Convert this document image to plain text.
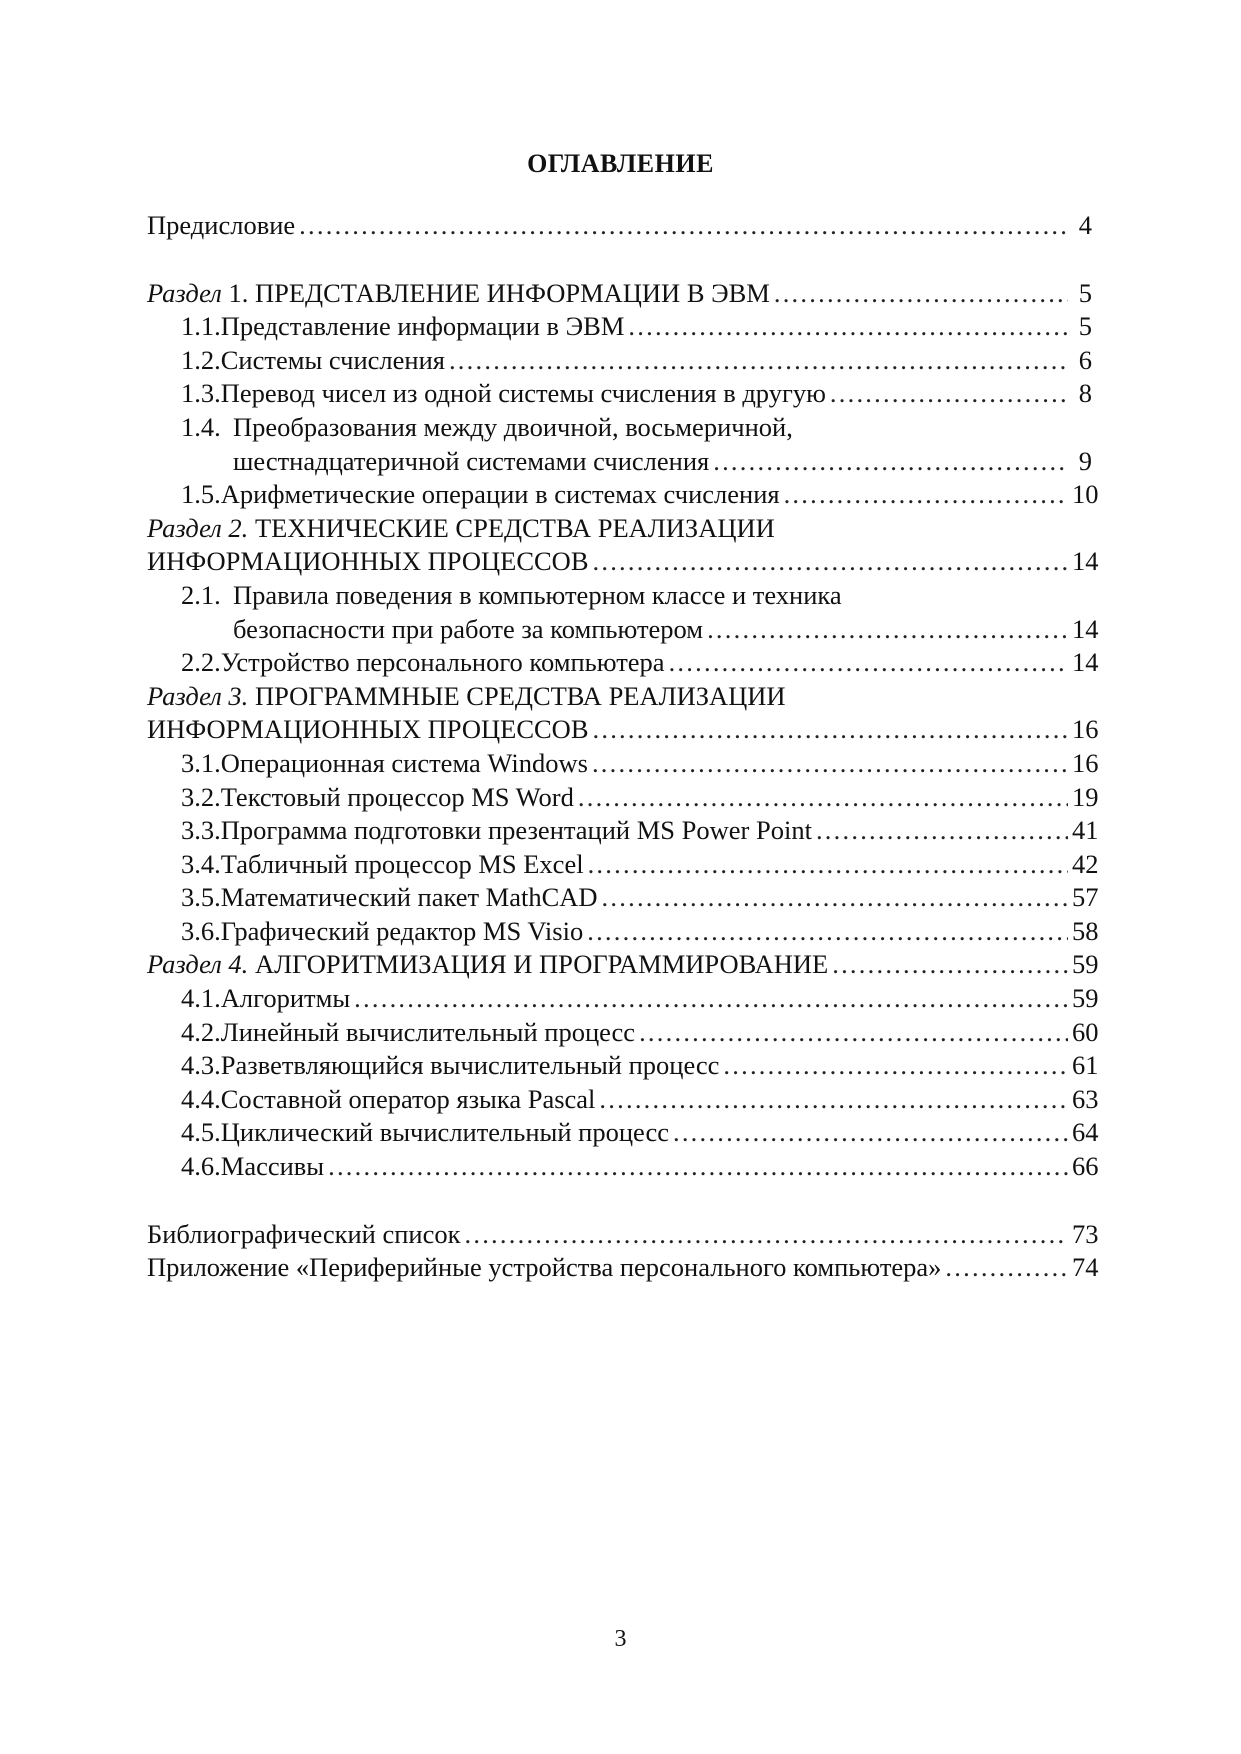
ОГЛАВЛЕНИЕ
Предисловие . . .	4
Раздел 1. ПРЕДСТАВЛЕНИЕ ИНФОРМАЦИИ В ЭВМ . . .	5
1.1. Представление информации в ЭВМ . . .	5
1.2. Системы счисления . . .	6
1.3. Перевод чисел из одной системы счисления в другую . . .	8
1.4. Преобразования между двоичной, восьмеричной,
шестнадцатеричной системами счисления . . .	9
1.5. Арифметические операции в системах счисления . . .	10
Раздел 2. ТЕХНИЧЕСКИЕ СРЕДСТВА РЕАЛИЗАЦИИ
ИНФОРМАЦИОННЫХ ПРОЦЕССОВ . . .	14
2.1. Правила поведения в компьютерном классе и техника
безопасности при работе за компьютером . . .	14
2.2. Устройство персонального компьютера . . .	14
Раздел 3. ПРОГРАММНЫЕ СРЕДСТВА РЕАЛИЗАЦИИ
ИНФОРМАЦИОННЫХ ПРОЦЕССОВ . . .	16
3.1. Операционная система Windows . . .	16
3.2. Текстовый процессор MS Word . . .	19
3.3. Программа подготовки презентаций MS Power Point . . .	41
3.4. Табличный процессор MS Excel . . .	42
3.5. Математический пакет MathCAD . . .	57
3.6. Графический редактор MS Visio . . .	58
Раздел 4. АЛГОРИТМИЗАЦИЯ И ПРОГРАММИРОВАНИЕ . . .	59
4.1. Алгоритмы . . .	59
4.2. Линейный вычислительный процесс . . .	60
4.3. Разветвляющийся вычислительный процесс . . .	61
4.4. Составной оператор языка Pascal . . .	63
4.5. Циклический вычислительный процесс . . .	64
4.6. Массивы . . .	66
Библиографический список . . .	73
Приложение «Периферийные устройства персонального компьютера» . . .	74
3
